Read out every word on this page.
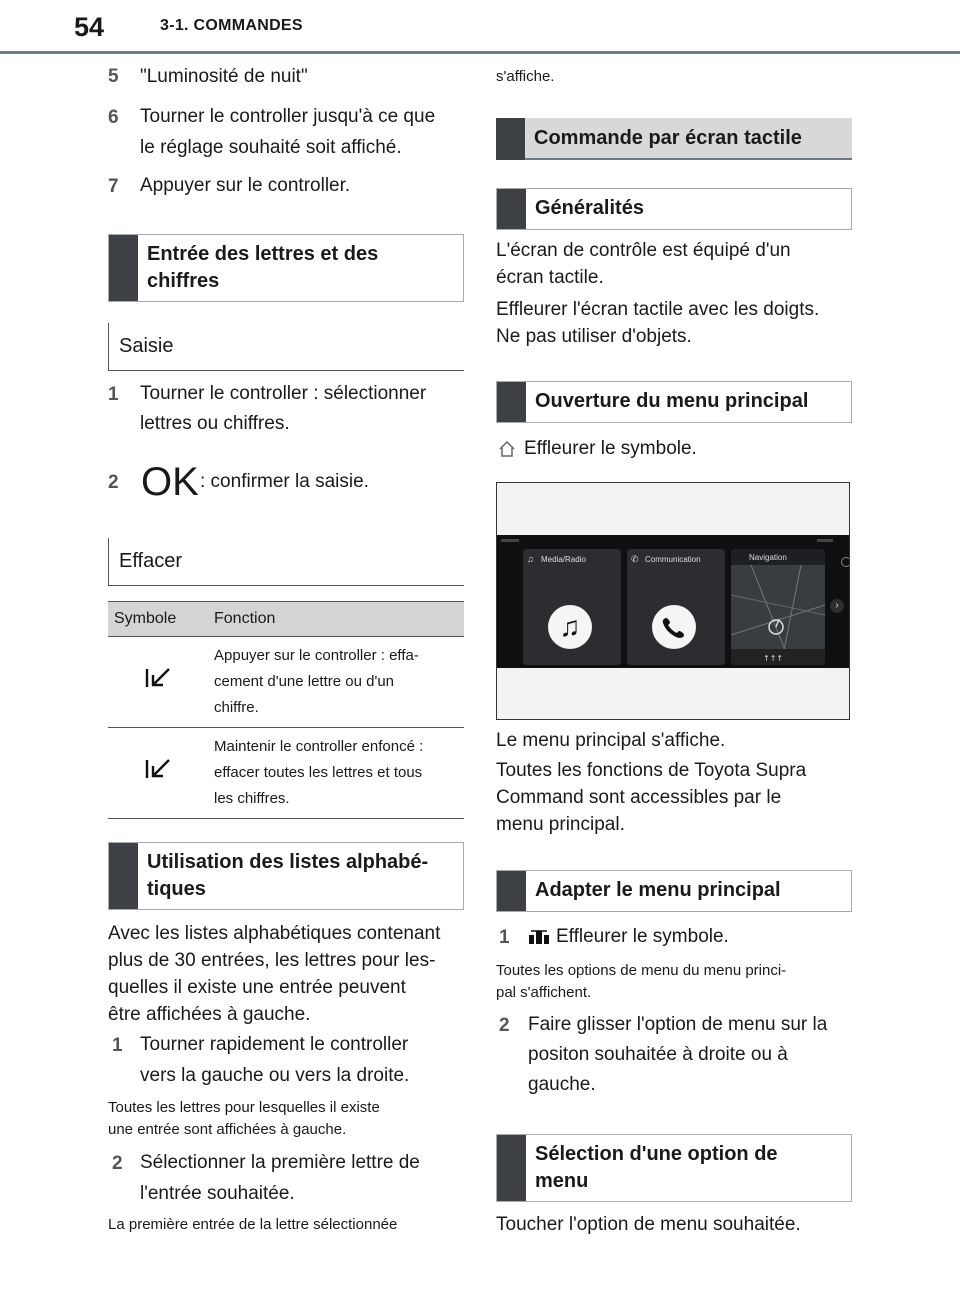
54	3-1. COMMANDES
5 "Luminosité de nuit"
6 Tourner le controller jusqu'à ce que
le réglage souhaité soit affiché.
7 Appuyer sur le controller.
Entrée des lettres et des
chiffres
Saisie
1 Tourner le controller : sélectionner
lettres ou chiffres.
2 OK : confirmer la saisie.
Effacer
Symbole	Fonction

Appuyer sur le controller : effa-
cement d'une lettre ou d'un
chiffre.

Maintenir le controller enfoncé :
effacer toutes les lettres et tous
les chiffres.
Utilisation des listes alphabé-
tiques
Avec les listes alphabétiques contenant
plus de 30 entrées, les lettres pour les-
quelles il existe une entrée peuvent
être affichées à gauche.
1 Tourner rapidement le controller
vers la gauche ou vers la droite.
Toutes les lettres pour lesquelles il existe
une entrée sont affichées à gauche.
2 Sélectionner la première lettre de
l'entrée souhaitée.
La première entrée de la lettre sélectionnée
s'affiche.
Commande par écran tactile
Généralités
L'écran de contrôle est équipé d'un
écran tactile.
Effleurer l'écran tactile avec les doigts.
Ne pas utiliser d'objets.
Ouverture du menu principal
Effleurer le symbole.
♫ Media/Radio
♫
✆ Communication	Navigation
↑↑↑
›
Le menu principal s'affiche.
Toutes les fonctions de Toyota Supra
Command sont accessibles par le
menu principal.
Adapter le menu principal
1 Effleurer le symbole.
Toutes les options de menu du menu princi-
pal s'affichent.
2 Faire glisser l'option de menu sur la
positon souhaitée à droite ou à
gauche.
Sélection d'une option de
menu
Toucher l'option de menu souhaitée.
